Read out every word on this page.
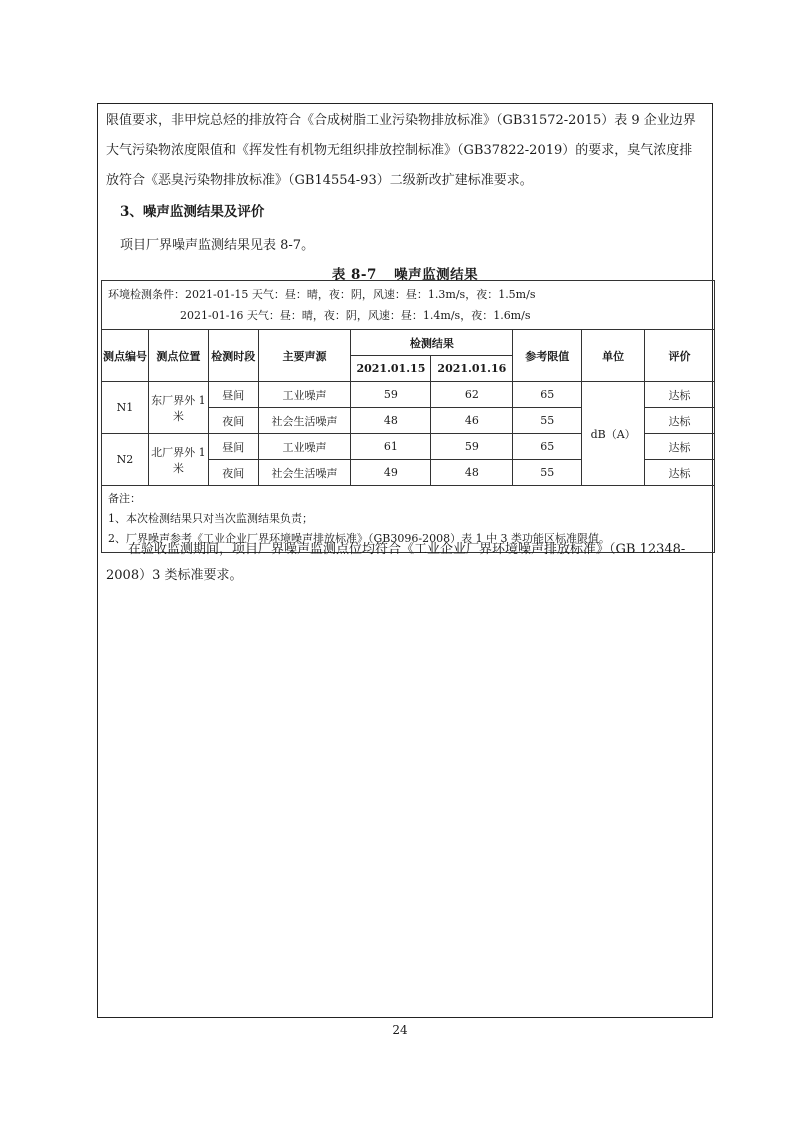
限值要求，非甲烷总烃的排放符合《合成树脂工业污染物排放标准》（GB31572-2015）表 9 企业边界大气污染物浓度限值和《挥发性有机物无组织排放控制标准》（GB37822-2019）的要求，臭气浓度排放符合《恶臭污染物排放标准》（GB14554-93）二级新改扩建标准要求。
3、噪声监测结果及评价
项目厂界噪声监测结果见表 8-7。
表 8-7 噪声监测结果
环境检测条件：2021-01-15 天气：昼：晴，夜：阴，风速：昼：1.3m/s，夜：1.5m/s
2021-01-16 天气：昼：晴，夜：阴，风速：昼：1.4m/s，夜：1.6m/s								

测点编号	测点位置	检测时段	主要声源	检测结果		参考限值	单位	评价
				2021.01.15	2021.01.16			
N1	东厂界外 1 米	昼间	工业噪声	59	62	65	dB（A）	达标
		夜间	社会生活噪声	48	46	55		达标
N2	北厂界外 1 米	昼间	工业噪声	61	59	65		达标
		夜间	社会生活噪声	49	48	55		达标

备注：
1、本次检测结果只对当次监测结果负责；
2、厂界噪声参考《工业企业厂界环境噪声排放标准》（GB3096-2008）表 1 中 3 类功能区标准限值。								
在验收监测期间，项目厂界噪声监测点位均符合《工业企业厂界环境噪声排放标准》（GB 12348-2008）3 类标准要求。
24
